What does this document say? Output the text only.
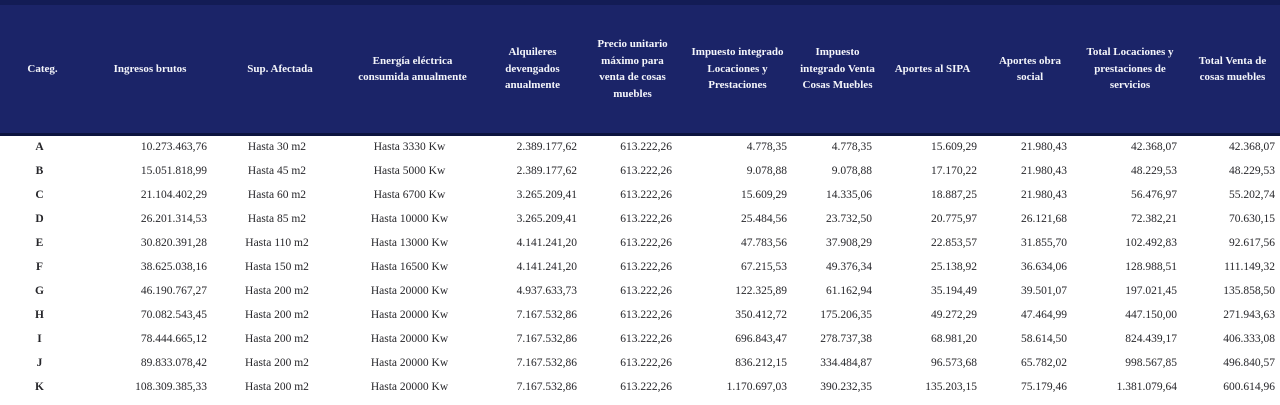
Categ.	Ingresos brutos	Sup. Afectada	Energía eléctrica consumida anualmente	Alquileres devengados anualmente	Precio unitario máximo para venta de cosas muebles	Impuesto integrado Locaciones y Prestaciones	Impuesto integrado Venta Cosas Muebles	Aportes al SIPA	Aportes obra social	Total Locaciones y prestaciones de servicios	Total Venta de cosas muebles
A	10.273.463,76	Hasta 30 m2	Hasta 3330 Kw	2.389.177,62	613.222,26	4.778,35	4.778,35	15.609,29	21.980,43	42.368,07	42.368,07
B	15.051.818,99	Hasta 45 m2	Hasta 5000 Kw	2.389.177,62	613.222,26	9.078,88	9.078,88	17.170,22	21.980,43	48.229,53	48.229,53
C	21.104.402,29	Hasta 60 m2	Hasta 6700 Kw	3.265.209,41	613.222,26	15.609,29	14.335,06	18.887,25	21.980,43	56.476,97	55.202,74
D	26.201.314,53	Hasta 85 m2	Hasta 10000 Kw	3.265.209,41	613.222,26	25.484,56	23.732,50	20.775,97	26.121,68	72.382,21	70.630,15
E	30.820.391,28	Hasta 110 m2	Hasta 13000 Kw	4.141.241,20	613.222,26	47.783,56	37.908,29	22.853,57	31.855,70	102.492,83	92.617,56
F	38.625.038,16	Hasta 150 m2	Hasta 16500 Kw	4.141.241,20	613.222,26	67.215,53	49.376,34	25.138,92	36.634,06	128.988,51	111.149,32
G	46.190.767,27	Hasta 200 m2	Hasta 20000 Kw	4.937.633,73	613.222,26	122.325,89	61.162,94	35.194,49	39.501,07	197.021,45	135.858,50
H	70.082.543,45	Hasta 200 m2	Hasta 20000 Kw	7.167.532,86	613.222,26	350.412,72	175.206,35	49.272,29	47.464,99	447.150,00	271.943,63
I	78.444.665,12	Hasta 200 m2	Hasta 20000 Kw	7.167.532,86	613.222,26	696.843,47	278.737,38	68.981,20	58.614,50	824.439,17	406.333,08
J	89.833.078,42	Hasta 200 m2	Hasta 20000 Kw	7.167.532,86	613.222,26	836.212,15	334.484,87	96.573,68	65.782,02	998.567,85	496.840,57
K	108.309.385,33	Hasta 200 m2	Hasta 20000 Kw	7.167.532,86	613.222,26	1.170.697,03	390.232,35	135.203,15	75.179,46	1.381.079,64	600.614,96
